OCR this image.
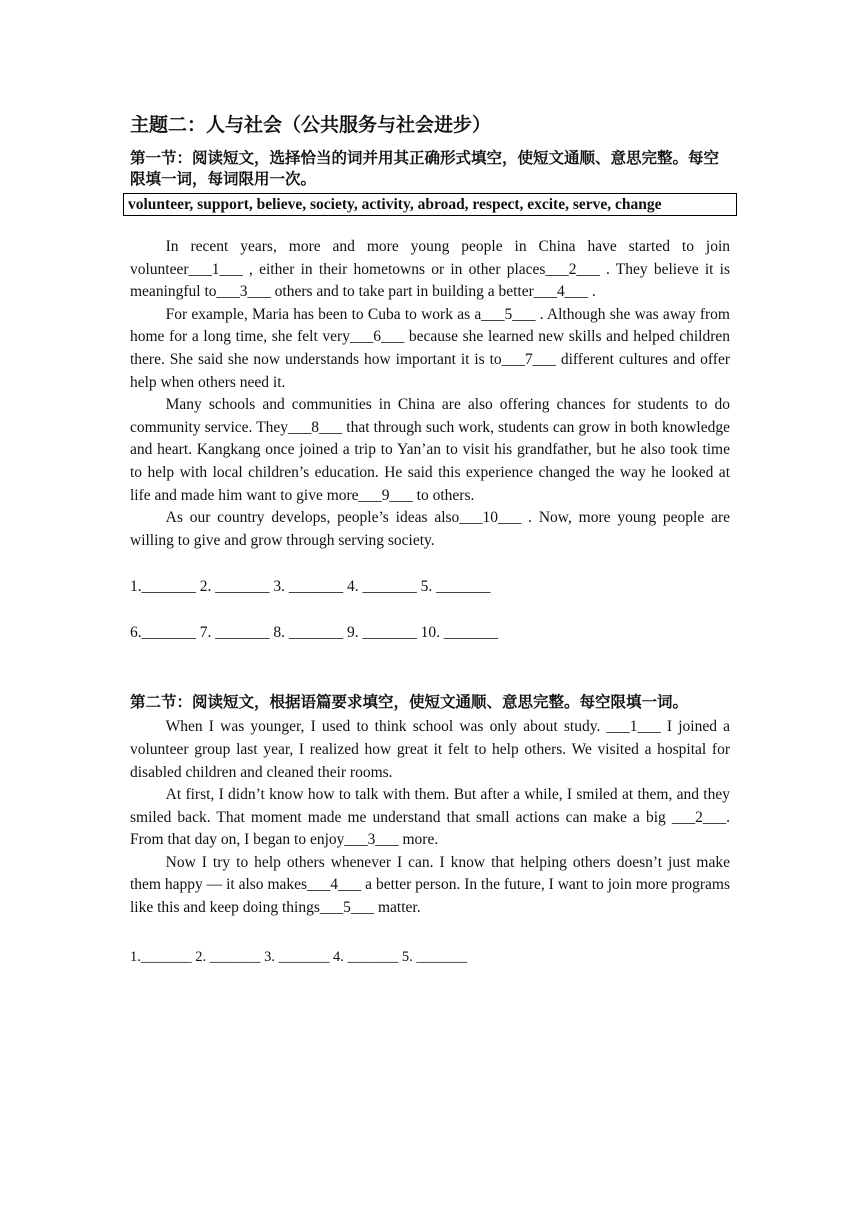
主题二：人与社会（公共服务与社会进步）

第一节：阅读短文，选择恰当的词并用其正确形式填空，使短文通顺、意思完整。每空限填一词，每词限用一次。

volunteer, support, believe, society, activity, abroad, respect, excite, serve, change

In recent years, more and more young people in China have started to join volunteer___1___ , either in their hometowns or in other places___2___ . They believe it is meaningful to___3___ others and to take part in building a better___4___ .

For example, Maria has been to Cuba to work as a___5___ . Although she was away from home for a long time, she felt very___6___ because she learned new skills and helped children there. She said she now understands how important it is to___7___ different cultures and offer help when others need it.

Many schools and communities in China are also offering chances for students to do community service. They___8___ that through such work, students can grow in both knowledge and heart. Kangkang once joined a trip to Yan’an to visit his grandfather, but he also took time to help with local children’s education. He said this experience changed the way he looked at life and made him want to give more___9___ to others.

As our country develops, people’s ideas also___10___ . Now, more young people are willing to give and grow through serving society.

1._______ 2. _______ 3. _______ 4. _______ 5. _______

6._______ 7. _______ 8. _______ 9. _______ 10. _______

第二节：阅读短文，根据语篇要求填空，使短文通顺、意思完整。每空限填一词。

When I was younger, I used to think school was only about study. ___1___ I joined a volunteer group last year, I realized how great it felt to help others. We visited a hospital for disabled children and cleaned their rooms.

At first, I didn’t know how to talk with them. But after a while, I smiled at them, and they smiled back. That moment made me understand that small actions can make a big ___2___. From that day on, I began to enjoy___3___ more.

Now I try to help others whenever I can. I know that helping others doesn’t just make them happy — it also makes___4___ a better person. In the future, I want to join more programs like this and keep doing things___5___ matter.

1._______ 2. _______ 3. _______ 4. _______ 5. _______
